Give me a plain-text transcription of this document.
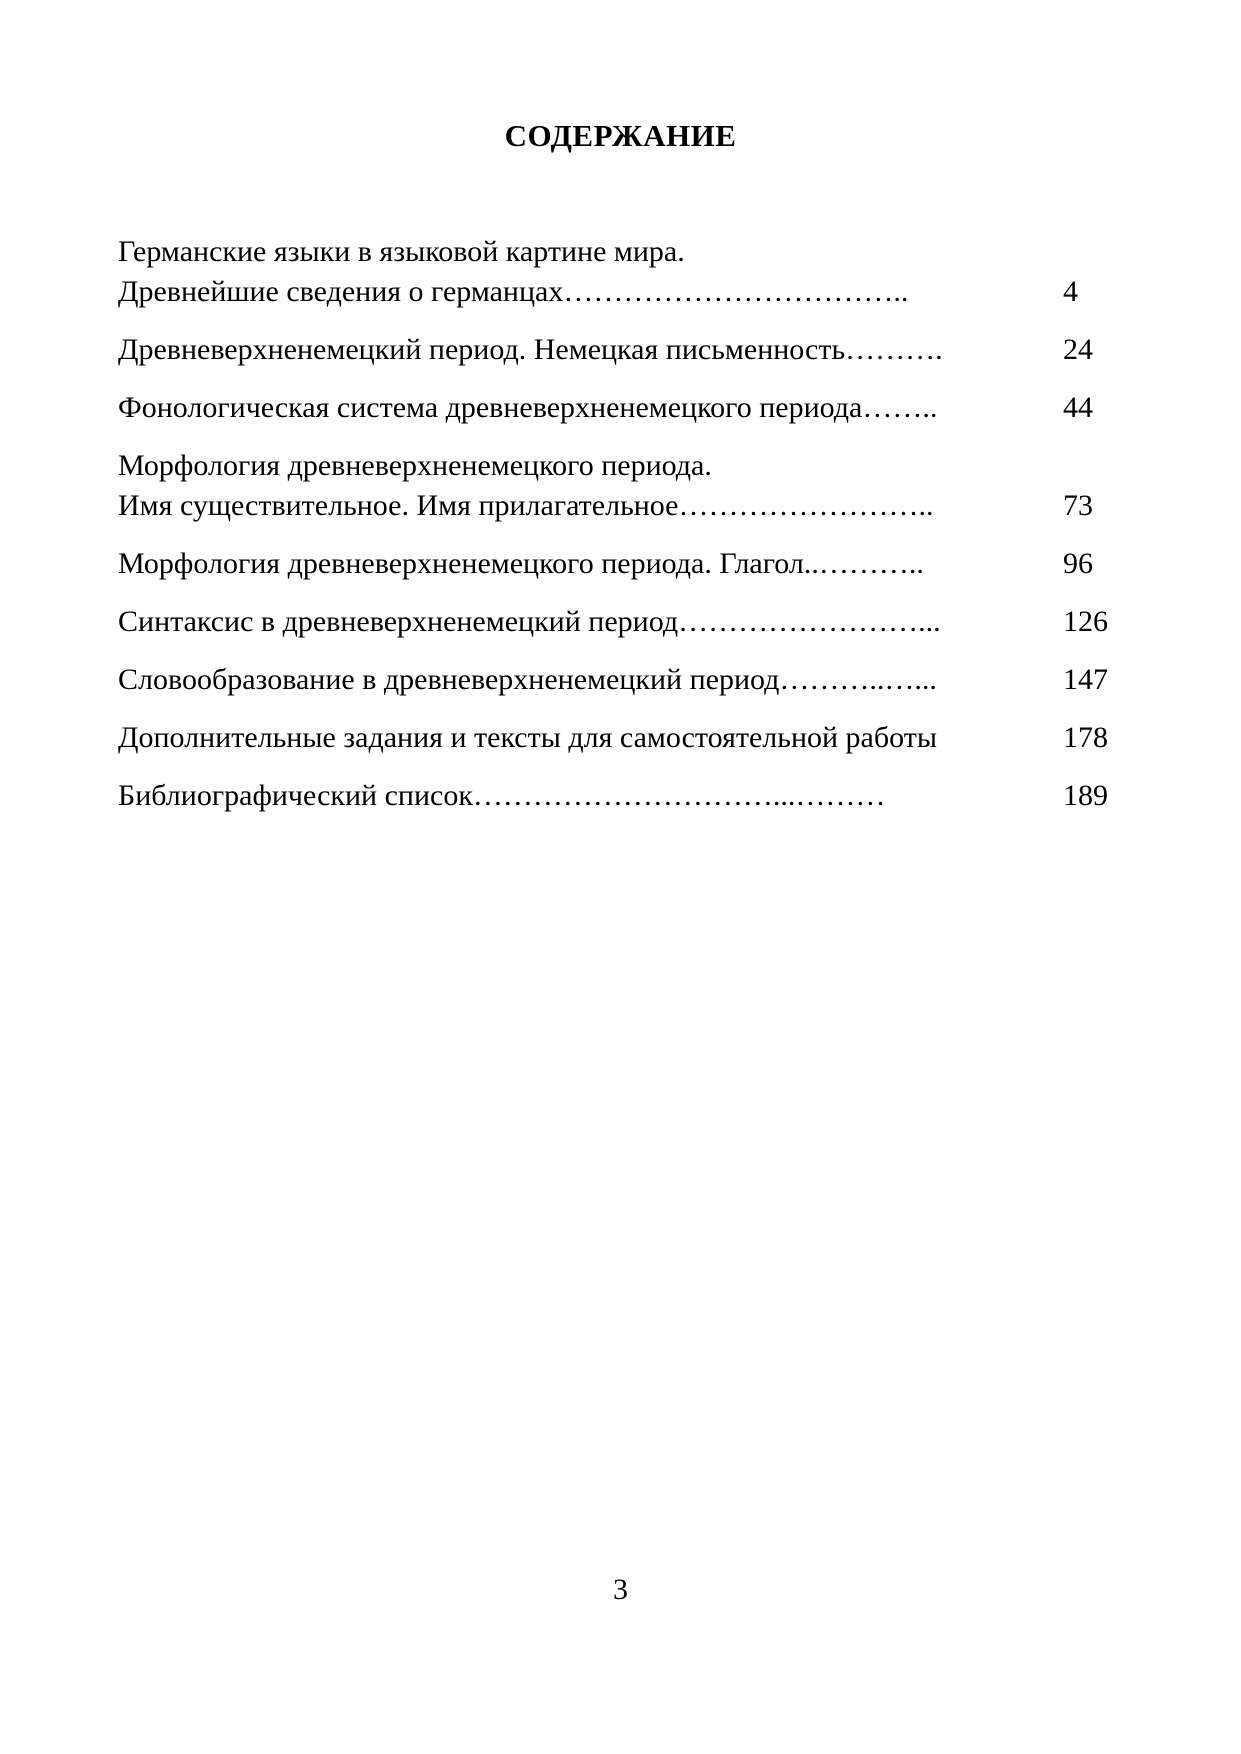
СОДЕРЖАНИЕ
Германские языки в языковой картине мира.
Древнейшие сведения о германцах……………………………..	4
Древневерхненемецкий период. Немецкая письменность……….	24
Фонологическая система древневерхненемецкого периода……..	44
Морфология древневерхненемецкого периода.
Имя существительное. Имя прилагательное……………………..	73
Морфология древневерхненемецкого периода. Глагол..………..	96
Синтаксис в древневерхненемецкий период……………………...	126
Словообразование в древневерхненемецкий период………..…...	147
Дополнительные задания и тексты для самостоятельной работы	178
Библиографический список…………………………...………	189
3
